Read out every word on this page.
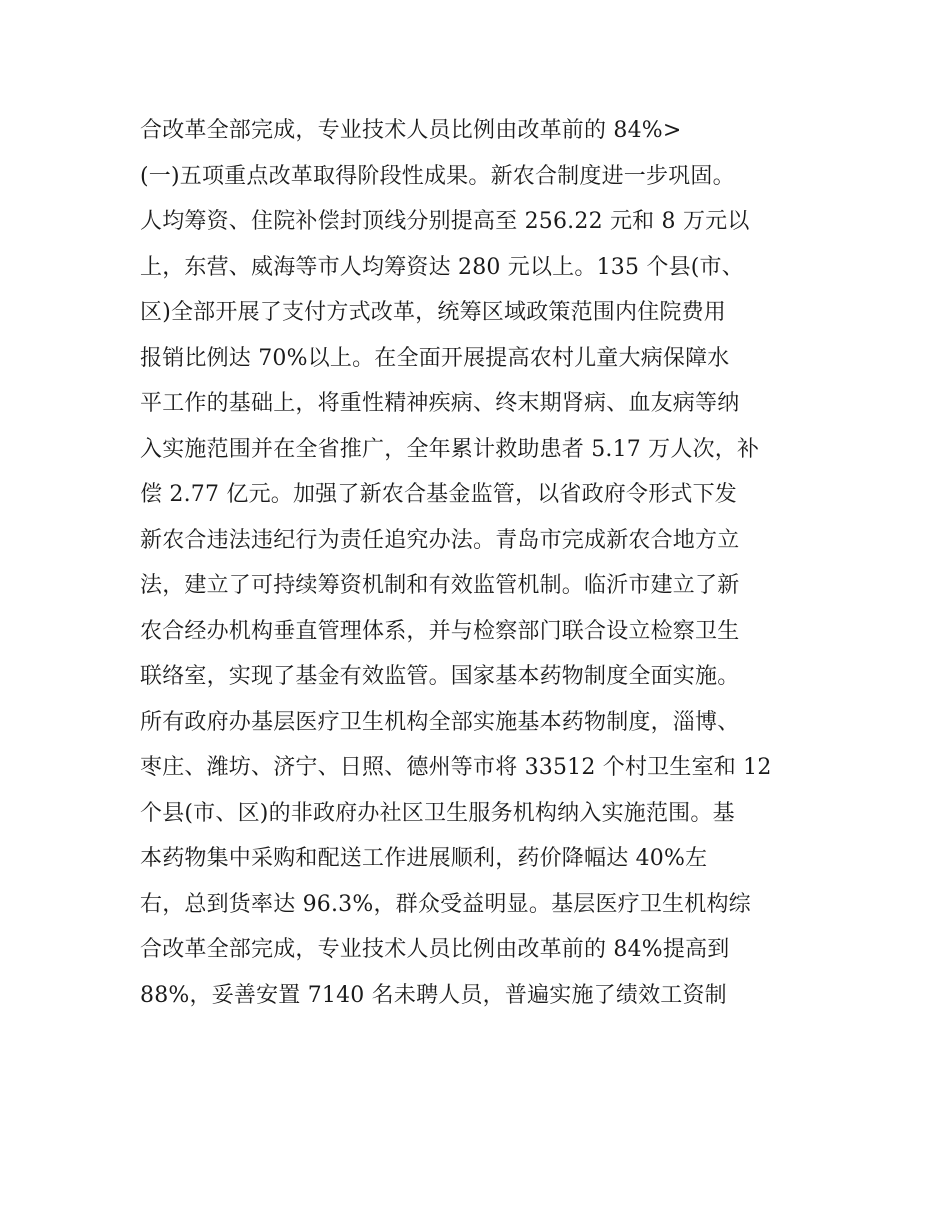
合改革全部完成，专业技术人员比例由改革前的 84%>
(一)五项重点改革取得阶段性成果。新农合制度进一步巩固。
人均筹资、住院补偿封顶线分别提高至 256.22 元和 8 万元以
上，东营、威海等市人均筹资达 280 元以上。135 个县(市、
区)全部开展了支付方式改革，统筹区域政策范围内住院费用
报销比例达 70%以上。在全面开展提高农村儿童大病保障水
平工作的基础上，将重性精神疾病、终末期肾病、血友病等纳
入实施范围并在全省推广，全年累计救助患者 5.17 万人次，补
偿 2.77 亿元。加强了新农合基金监管，以省政府令形式下发
新农合违法违纪行为责任追究办法。青岛市完成新农合地方立
法，建立了可持续筹资机制和有效监管机制。临沂市建立了新
农合经办机构垂直管理体系，并与检察部门联合设立检察卫生
联络室，实现了基金有效监管。国家基本药物制度全面实施。
所有政府办基层医疗卫生机构全部实施基本药物制度，淄博、
枣庄、潍坊、济宁、日照、德州等市将 33512 个村卫生室和 12
个县(市、区)的非政府办社区卫生服务机构纳入实施范围。基
本药物集中采购和配送工作进展顺利，药价降幅达 40%左
右，总到货率达 96.3%，群众受益明显。基层医疗卫生机构综
合改革全部完成，专业技术人员比例由改革前的 84%提高到
88%，妥善安置 7140 名未聘人员，普遍实施了绩效工资制
